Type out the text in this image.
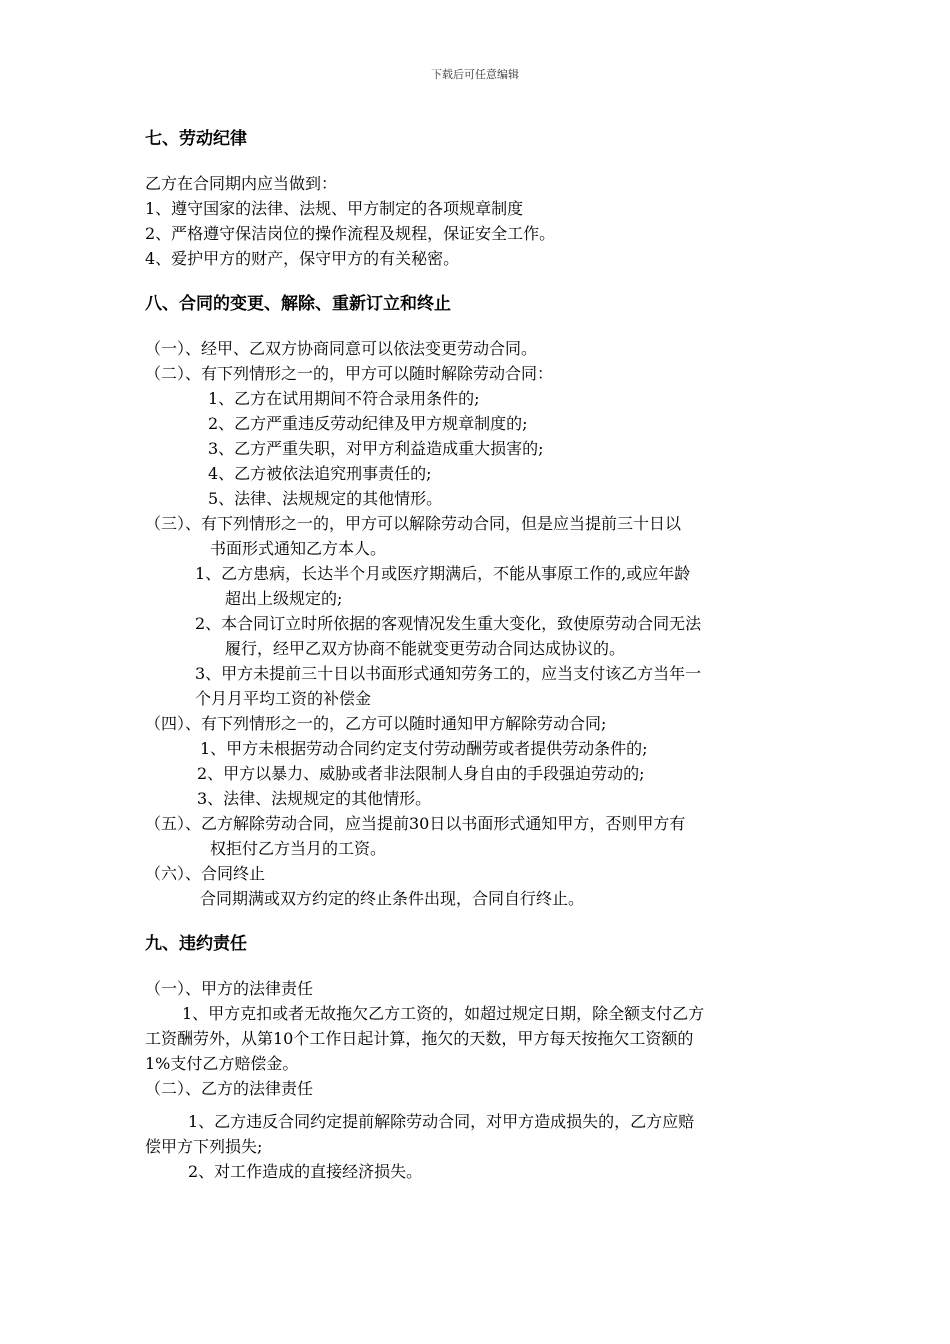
下载后可任意编辑
七、劳动纪律
乙方在合同期内应当做到：
1、遵守国家的法律、法规、甲方制定的各项规章制度
2、严格遵守保洁岗位的操作流程及规程，保证安全工作。
4、爱护甲方的财产，保守甲方的有关秘密。
八、合同的变更、解除、重新订立和终止
（一）、经甲、乙双方协商同意可以依法变更劳动合同。
（二）、有下列情形之一的，甲方可以随时解除劳动合同：
1、乙方在试用期间不符合录用条件的;
2、乙方严重违反劳动纪律及甲方规章制度的;
3、乙方严重失职，对甲方利益造成重大损害的;
4、乙方被依法追究刑事责任的;
5、法律、法规规定的其他情形。
（三）、有下列情形之一的，甲方可以解除劳动合同，但是应当提前三十日以
书面形式通知乙方本人。
1、乙方患病，长达半个月或医疗期满后，不能从事原工作的,或应年龄
超出上级规定的;
2、本合同订立时所依据的客观情况发生重大变化，致使原劳动合同无法
履行，经甲乙双方协商不能就变更劳动合同达成协议的。
3、甲方未提前三十日以书面形式通知劳务工的，应当支付该乙方当年一
个月月平均工资的补偿金
（四）、有下列情形之一的，乙方可以随时通知甲方解除劳动合同;
1、甲方未根据劳动合同约定支付劳动酬劳或者提供劳动条件的;
2、甲方以暴力、威胁或者非法限制人身自由的手段强迫劳动的;
3、法律、法规规定的其他情形。
（五）、乙方解除劳动合同，应当提前30日以书面形式通知甲方，否则甲方有
权拒付乙方当月的工资。
（六）、合同终止
合同期满或双方约定的终止条件出现，合同自行终止。
九、违约责任
（一）、甲方的法律责任
1、甲方克扣或者无故拖欠乙方工资的，如超过规定日期，除全额支付乙方
工资酬劳外，从第10个工作日起计算，拖欠的天数，甲方每天按拖欠工资额的
1%支付乙方赔偿金。
（二）、乙方的法律责任
1、乙方违反合同约定提前解除劳动合同，对甲方造成损失的，乙方应赔
偿甲方下列损失;
2、对工作造成的直接经济损失。
